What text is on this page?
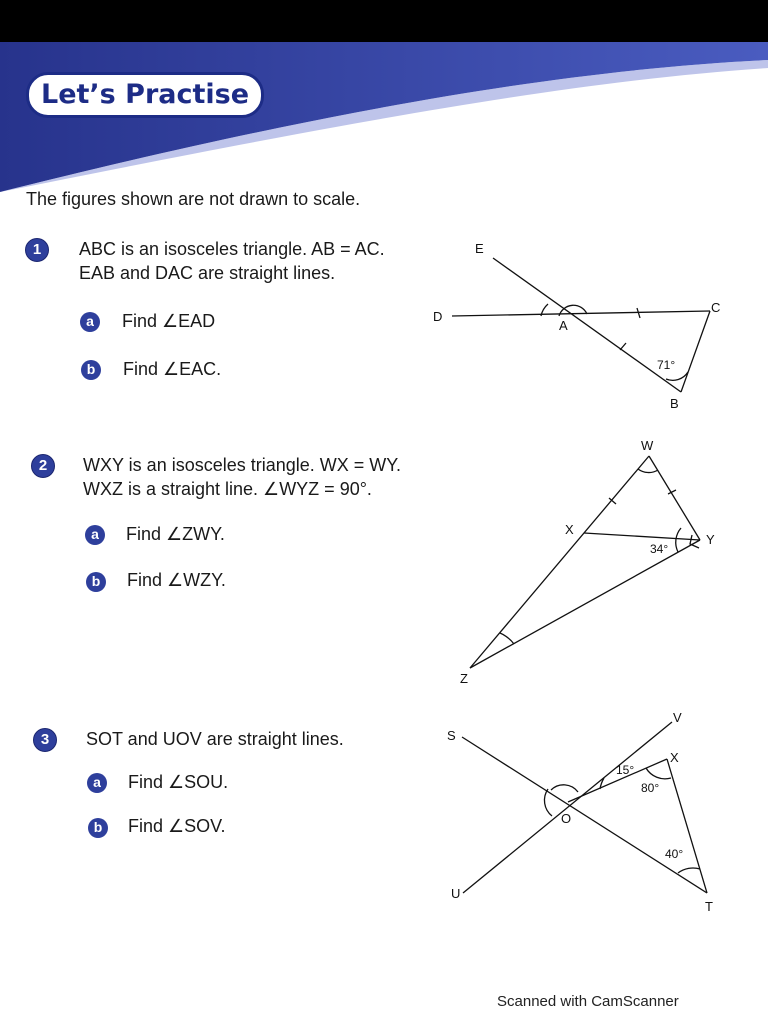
Let’s Practise
The figures shown are not drawn to scale.
1	ABC is an isosceles triangle. AB = AC.
EAB and DAC are straight lines.
a	Find ∠EAD
b	Find ∠EAC.
2	WXY is an isosceles triangle. WX = WY.
WXZ is a straight line. ∠WYZ = 90°.
a	Find ∠ZWY.
b	Find ∠WZY.
3	SOT and UOV are straight lines.
a	Find ∠SOU.
b	Find ∠SOV.
E
D
A
C
B
71°
W
X
Y
Z
34°
S
V
X
O
U
T
15°
80°
40°
Scanned with CamScanner
